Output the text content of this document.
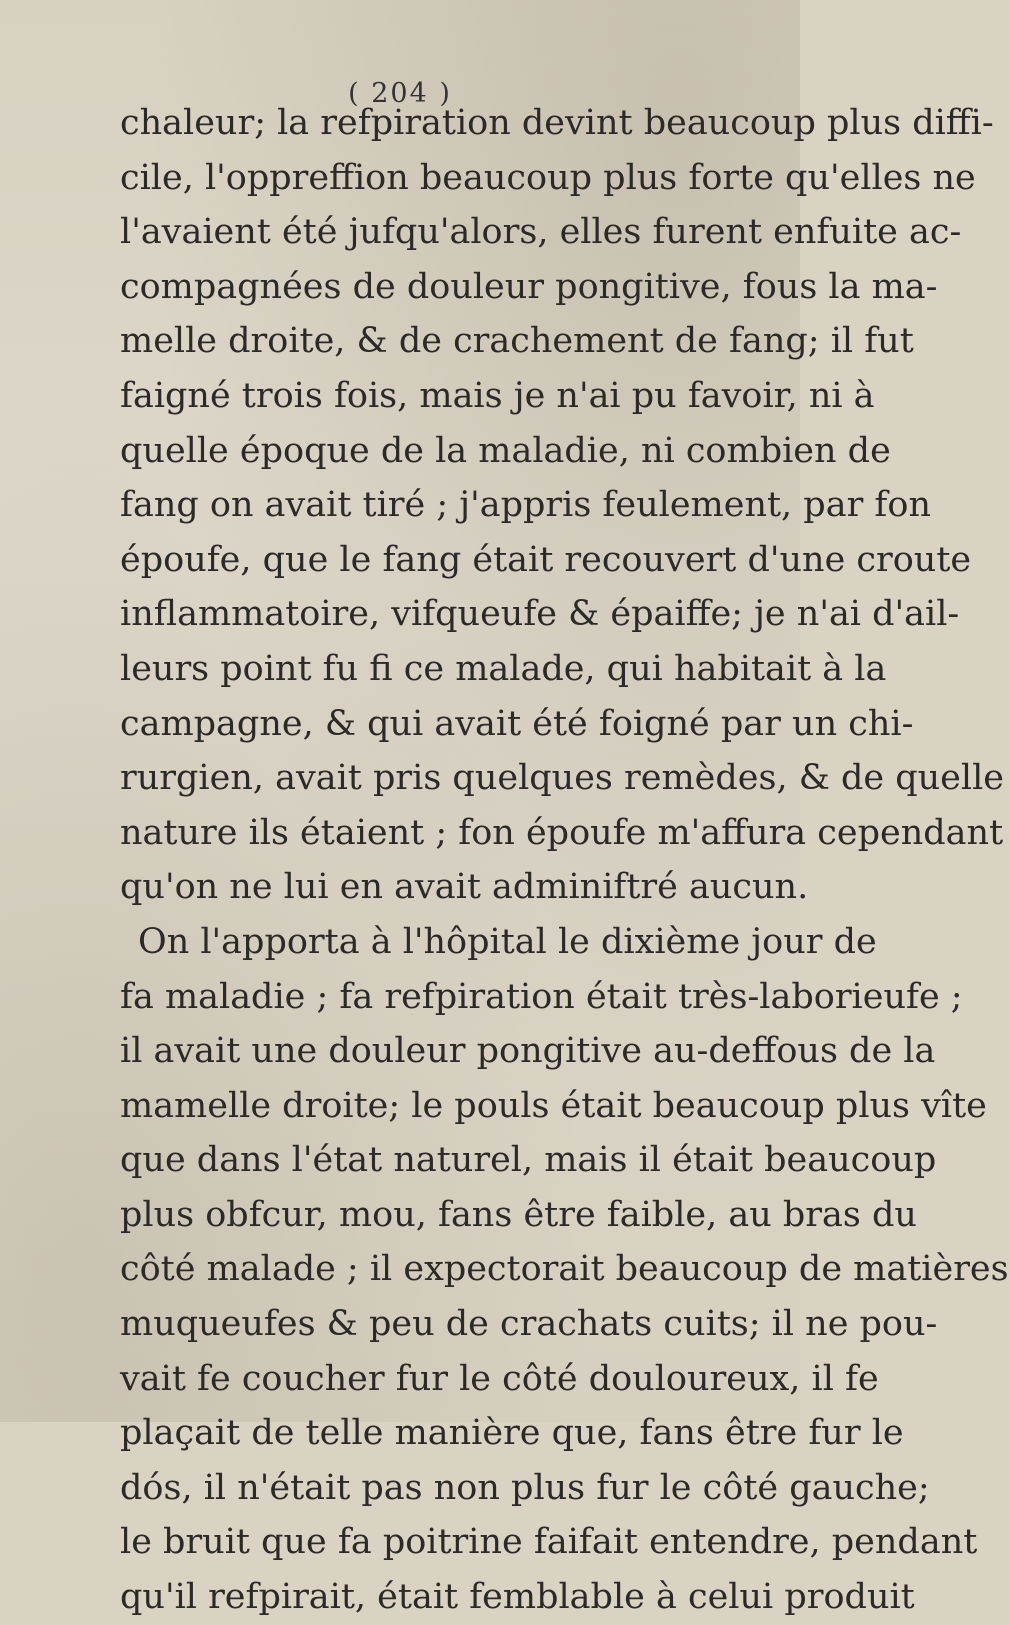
( 204 )
chaleur; la refpiration devint beaucoup plus diffi-
cile, l'oppreffion beaucoup plus forte qu'elles ne
l'avaient été jufqu'alors, elles furent enfuite ac-
compagnées de douleur pongitive, fous la ma-
melle droite, & de crachement de fang; il fut
faigné trois fois, mais je n'ai pu favoir, ni à
quelle époque de la maladie, ni combien de
fang on avait tiré ; j'appris feulement, par fon
époufe, que le fang était recouvert d'une croute
inflammatoire, vifqueufe & épaiffe; je n'ai d'ail-
leurs point fu fi ce malade, qui habitait à la
campagne, & qui avait été foigné par un chi-
rurgien, avait pris quelques remèdes, & de quelle
nature ils étaient ; fon époufe m'affura cependant
qu'on ne lui en avait adminiftré aucun.
On l'apporta à l'hôpital le dixième jour de
fa maladie ; fa refpiration était très-laborieufe ;
il avait une douleur pongitive au-deffous de la
mamelle droite; le pouls était beaucoup plus vîte
que dans l'état naturel, mais il était beaucoup
plus obfcur, mou, fans être faible, au bras du
côté malade ; il expectorait beaucoup de matières
muqueufes & peu de crachats cuits; il ne pou-
vait fe coucher fur le côté douloureux, il fe
plaçait de telle manière que, fans être fur le
dós, il n'était pas non plus fur le côté gauche;
le bruit que fa poitrine faifait entendre, pendant
qu'il refpirait, était femblable à celui produit
